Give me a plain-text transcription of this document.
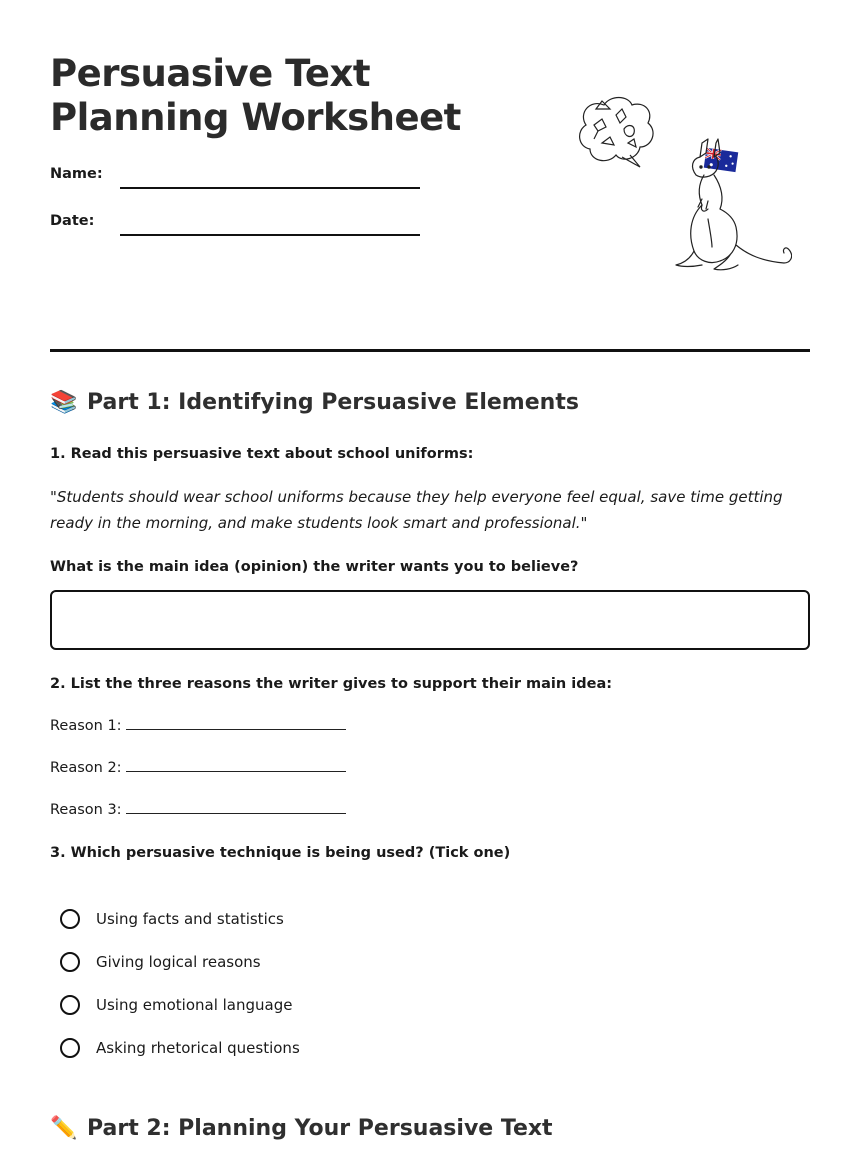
Persuasive Text
Planning Worksheet
Name:
Date:
📚 Part 1: Identifying Persuasive Elements

1. Read this persuasive text about school uniforms:

"Students should wear school uniforms because they help everyone feel equal, save time getting ready in the morning, and make students look smart and professional."

What is the main idea (opinion) the writer wants you to believe?

2. List the three reasons the writer gives to support their main idea:

Reason 1:
Reason 2:
Reason 3:

3. Which persuasive technique is being used? (Tick one)

Using facts and statistics
Giving logical reasons
Using emotional language
Asking rhetorical questions
✏️ Part 2: Planning Your Persuasive Text
